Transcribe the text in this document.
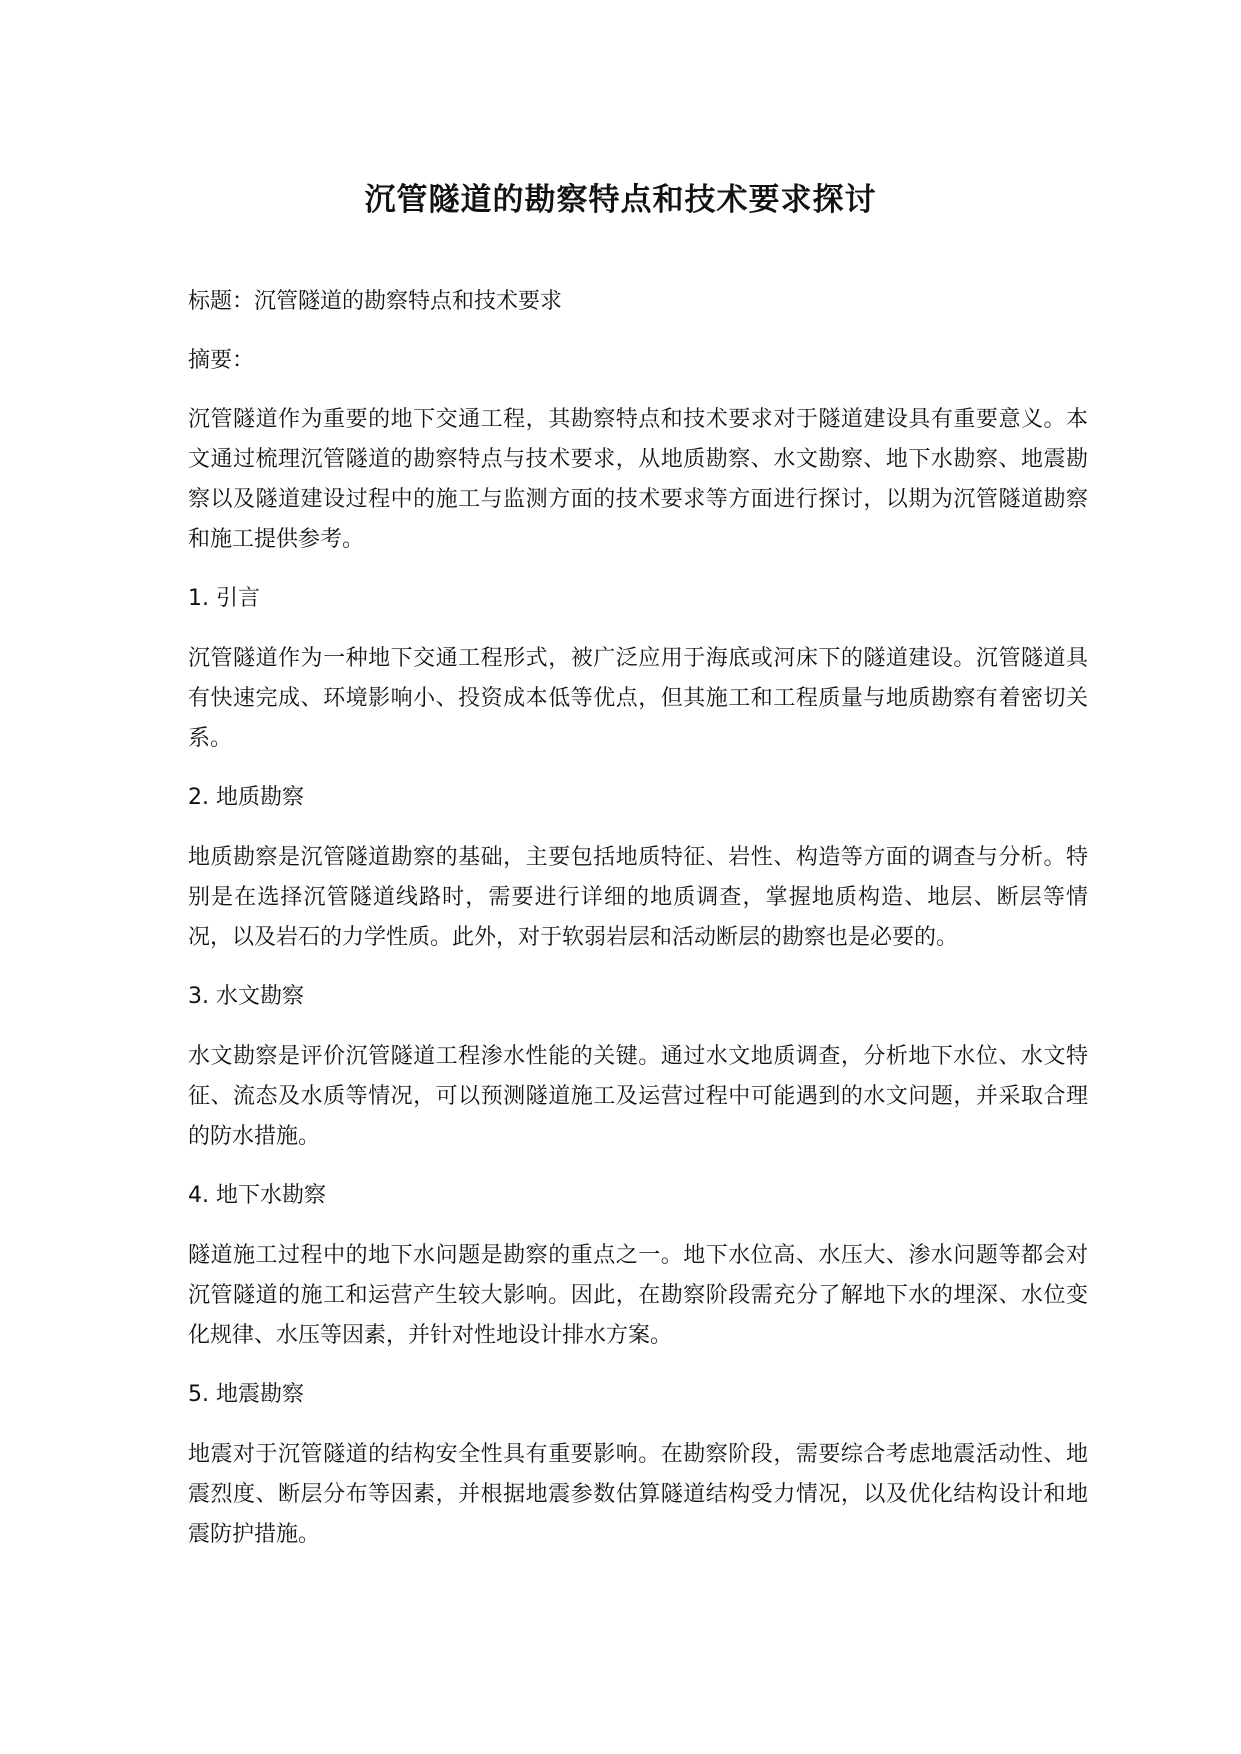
沉管隧道的勘察特点和技术要求探讨

标题：沉管隧道的勘察特点和技术要求

摘要：

沉管隧道作为重要的地下交通工程，其勘察特点和技术要求对于隧道建设具有重要意义。本文通过梳理沉管隧道的勘察特点与技术要求，从地质勘察、水文勘察、地下水勘察、地震勘察以及隧道建设过程中的施工与监测方面的技术要求等方面进行探讨，以期为沉管隧道勘察和施工提供参考。

1. 引言

沉管隧道作为一种地下交通工程形式，被广泛应用于海底或河床下的隧道建设。沉管隧道具有快速完成、环境影响小、投资成本低等优点，但其施工和工程质量与地质勘察有着密切关系。

2. 地质勘察

地质勘察是沉管隧道勘察的基础，主要包括地质特征、岩性、构造等方面的调查与分析。特别是在选择沉管隧道线路时，需要进行详细的地质调查，掌握地质构造、地层、断层等情况，以及岩石的力学性质。此外，对于软弱岩层和活动断层的勘察也是必要的。

3. 水文勘察

水文勘察是评价沉管隧道工程渗水性能的关键。通过水文地质调查，分析地下水位、水文特征、流态及水质等情况，可以预测隧道施工及运营过程中可能遇到的水文问题，并采取合理的防水措施。

4. 地下水勘察

隧道施工过程中的地下水问题是勘察的重点之一。地下水位高、水压大、渗水问题等都会对沉管隧道的施工和运营产生较大影响。因此，在勘察阶段需充分了解地下水的埋深、水位变化规律、水压等因素，并针对性地设计排水方案。

5. 地震勘察

地震对于沉管隧道的结构安全性具有重要影响。在勘察阶段，需要综合考虑地震活动性、地震烈度、断层分布等因素，并根据地震参数估算隧道结构受力情况，以及优化结构设计和地震防护措施。
